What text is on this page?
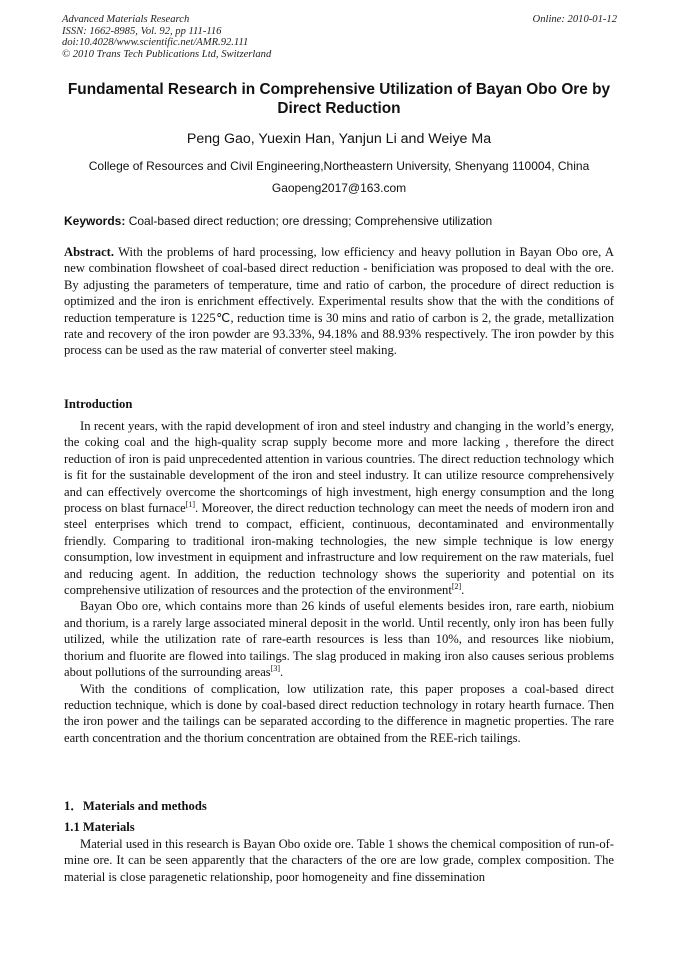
Advanced Materials Research
ISSN: 1662-8985, Vol. 92, pp 111-116
doi:10.4028/www.scientific.net/AMR.92.111
© 2010 Trans Tech Publications Ltd, Switzerland
Online: 2010-01-12
Fundamental Research in Comprehensive Utilization of Bayan Obo Ore by Direct Reduction
Peng Gao, Yuexin Han, Yanjun Li and Weiye Ma
College of Resources and Civil Engineering,Northeastern University, Shenyang 110004, China
Gaopeng2017@163.com
Keywords: Coal-based direct reduction; ore dressing; Comprehensive utilization
Abstract. With the problems of hard processing, low efficiency and heavy pollution in Bayan Obo ore, A new combination flowsheet of coal-based direct reduction - benificiation was proposed to deal with the ore. By adjusting the parameters of temperature, time and ratio of carbon, the procedure of direct reduction is optimized and the iron is enrichment effectively. Experimental results show that the with the conditions of reduction temperature is 1225℃, reduction time is 30 mins and ratio of carbon is 2, the grade, metallization rate and recovery of the iron powder are 93.33%, 94.18% and 88.93% respectively. The iron powder by this process can be used as the raw material of converter steel making.
Introduction

In recent years, with the rapid development of iron and steel industry and changing in the world’s energy, the coking coal and the high-quality scrap supply become more and more lacking , therefore the direct reduction of iron is paid unprecedented attention in various countries. The direct reduction technology which is fit for the sustainable development of the iron and steel industry. It can utilize resource comprehensively and can effectively overcome the shortcomings of high investment, high energy consumption and the long process on blast furnace[1]. Moreover, the direct reduction technology can meet the needs of modern iron and steel enterprises which trend to compact, efficient, continuous, decontaminated and environmentally friendly. Comparing to traditional iron-making technologies, the new simple technique is low energy consumption, low investment in equipment and infrastructure and low requirement on the raw materials, fuel and reducing agent. In addition, the reduction technology shows the superiority and potential on its comprehensive utilization of resources and the protection of the environment[2].

Bayan Obo ore, which contains more than 26 kinds of useful elements besides iron, rare earth, niobium and thorium, is a rarely large associated mineral deposit in the world. Until recently, only iron has been fully utilized, while the utilization rate of rare-earth resources is less than 10%, and resources like niobium, thorium and fluorite are flowed into tailings. The slag produced in making iron also causes serious problems about pollutions of the surrounding areas[3].

With the conditions of complication, low utilization rate, this paper proposes a coal-based direct reduction technique, which is done by coal-based direct reduction technology in rotary hearth furnace. Then the iron power and the tailings can be separated according to the difference in magnetic properties. The rare earth concentration and the thorium concentration are obtained from the REE-rich tailings.

1．Materials and methods
1.1 Materials

Material used in this research is Bayan Obo oxide ore. Table 1 shows the chemical composition of run-of-mine ore. It can be seen apparently that the characters of the ore are low grade, complex composition. The material is close paragenetic relationship, poor homogeneity and fine dissemination
